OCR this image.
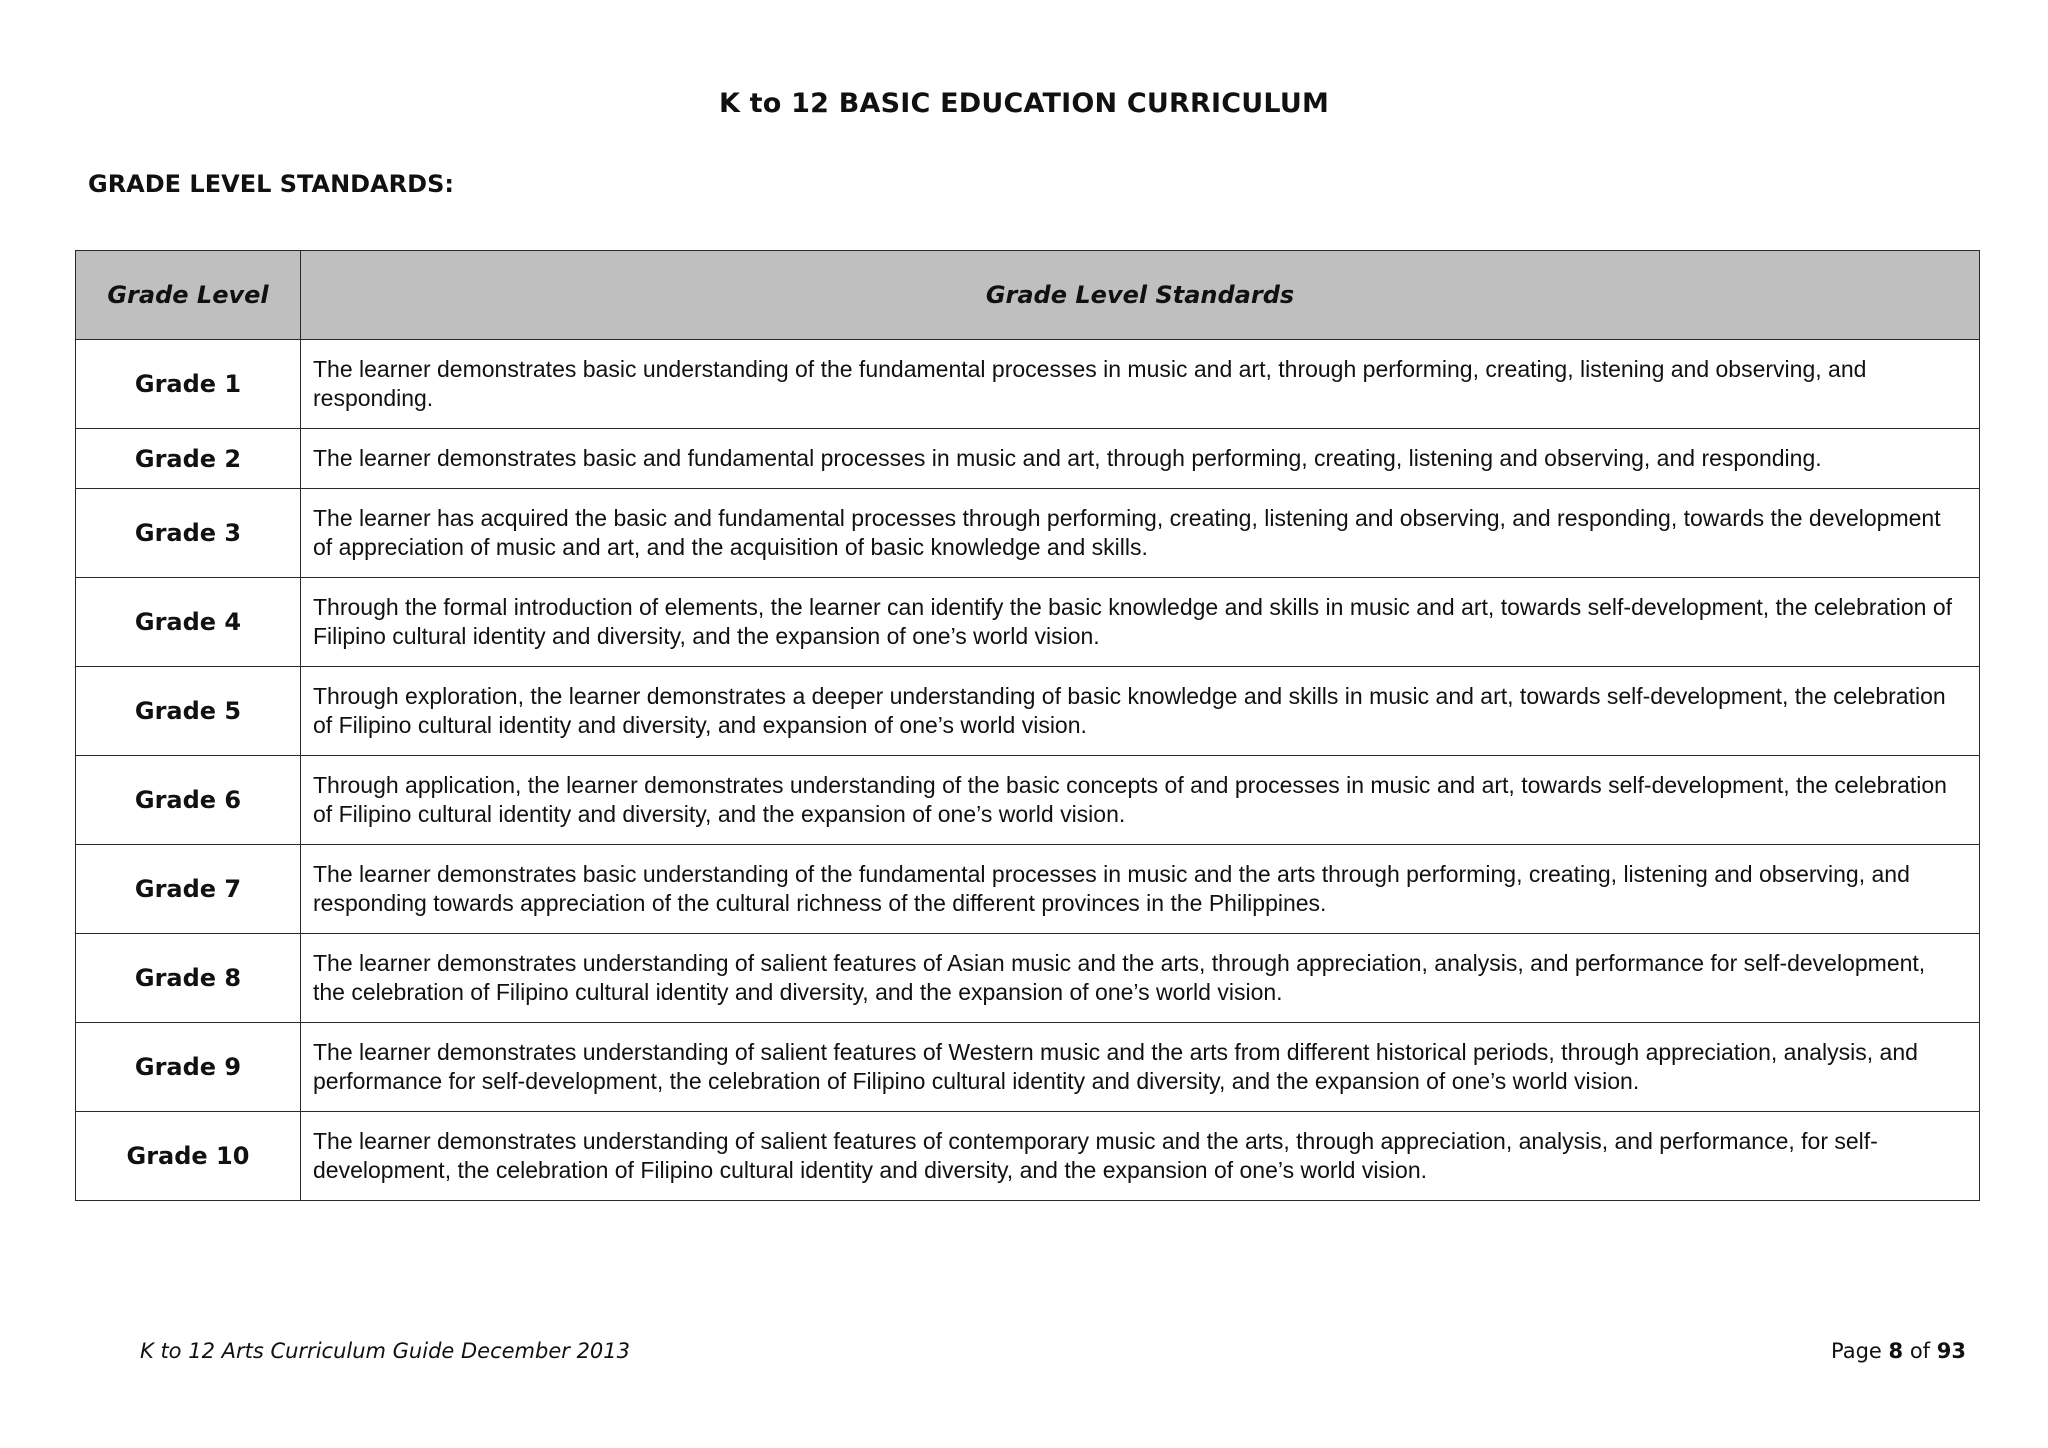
K to 12 BASIC EDUCATION CURRICULUM
GRADE LEVEL STANDARDS:
Grade Level	Grade Level Standards
Grade 1	The learner demonstrates basic understanding of the fundamental processes in music and art, through performing, creating, listening and observing, and responding.
Grade 2	The learner demonstrates basic and fundamental processes in music and art, through performing, creating, listening and observing, and responding.
Grade 3	The learner has acquired the basic and fundamental processes through performing, creating, listening and observing, and responding, towards the development of appreciation of music and art, and the acquisition of basic knowledge and skills.
Grade 4	Through the formal introduction of elements, the learner can identify the basic knowledge and skills in music and art, towards self-development, the celebration of Filipino cultural identity and diversity, and the expansion of one’s world vision.
Grade 5	Through exploration, the learner demonstrates a deeper understanding of basic knowledge and skills in music and art, towards self-development, the celebration of Filipino cultural identity and diversity, and expansion of one’s world vision.
Grade 6	Through application, the learner demonstrates understanding of the basic concepts of and processes in music and art, towards self-development, the celebration of Filipino cultural identity and diversity, and the expansion of one’s world vision.
Grade 7	The learner demonstrates basic understanding of the fundamental processes in music and the arts through performing, creating, listening and observing, and responding towards appreciation of the cultural richness of the different provinces in the Philippines.
Grade 8	The learner demonstrates understanding of salient features of Asian music and the arts, through appreciation, analysis, and performance for self-development, the celebration of Filipino cultural identity and diversity, and the expansion of one’s world vision.
Grade 9	The learner demonstrates understanding of salient features of Western music and the arts from different historical periods, through appreciation, analysis, and performance for self-development, the celebration of Filipino cultural identity and diversity, and the expansion of one’s world vision.
Grade 10	The learner demonstrates understanding of salient features of contemporary music and the arts, through appreciation, analysis, and performance, for self-development, the celebration of Filipino cultural identity and diversity, and the expansion of one’s world vision.
K to 12 Arts Curriculum Guide December 2013	Page 8 of 93
